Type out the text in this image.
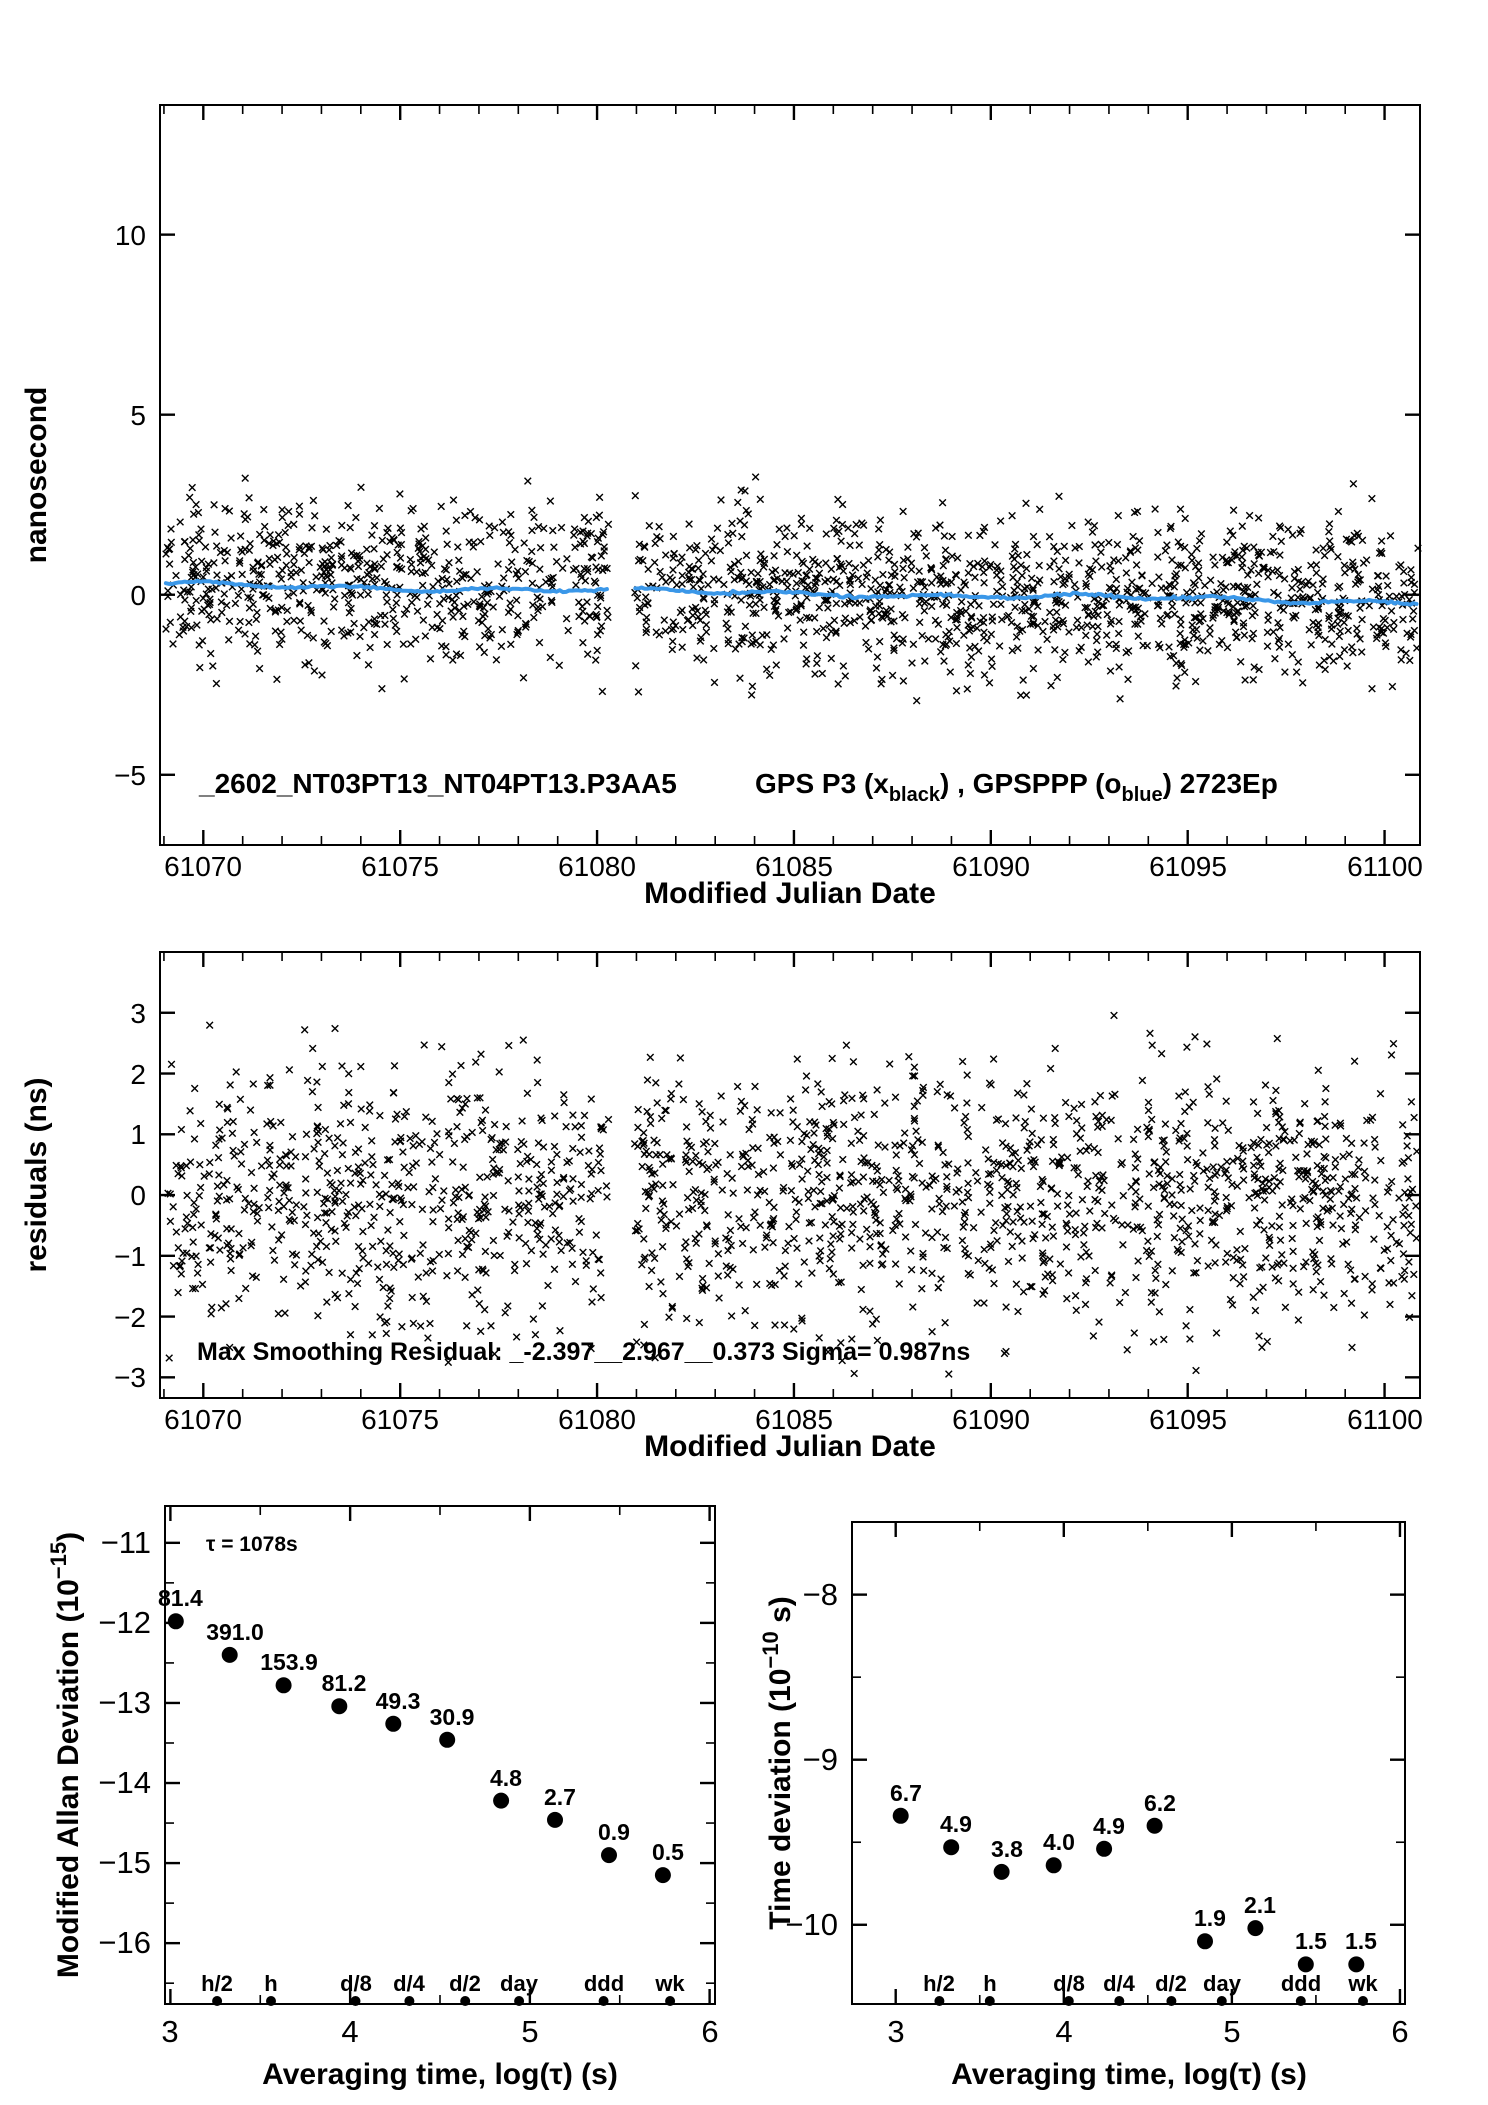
61070	61075	61080	61085	61090	61095	61100
10
5
0
−5
Modified Julian Date
nanosecond
_2602_NT03PT13_NT04PT13.P3AA5	GPS P3 $(x_{black})$ , GPSPPP $(o_{blue})$ 2723Ep
61070	61075	61080	61085	61090	61095	61100
3
2
1
0
−1
−2
−3
Modified Julian Date
residuals (ns)
Max Smoothing Residual: _-2.397__2.967__0.373 Sigma= 0.987ns
3	4	5	6
−11
−12
−13
−14
−15
−16
Averaging time, log(τ) (s)
Modified Allan Deviation $(10^{-15})$	τ = 1078s
81.4
391.0
153.9
81.2
49.3
30.9
4.8
2.7
0.9
0.5
h/2 h	d/8 d/4 d/2 day ddd wk
3	4	5	6
−8
−9
−10
Averaging time, log(τ) (s)
Time deviation ($10^{-10}$ s)
6.7
4.9
3.8 4.0
4.9
6.2
1.9 2.1
1.5 1.5
h/2 h	d/8 d/4 d/2 day ddd wk
